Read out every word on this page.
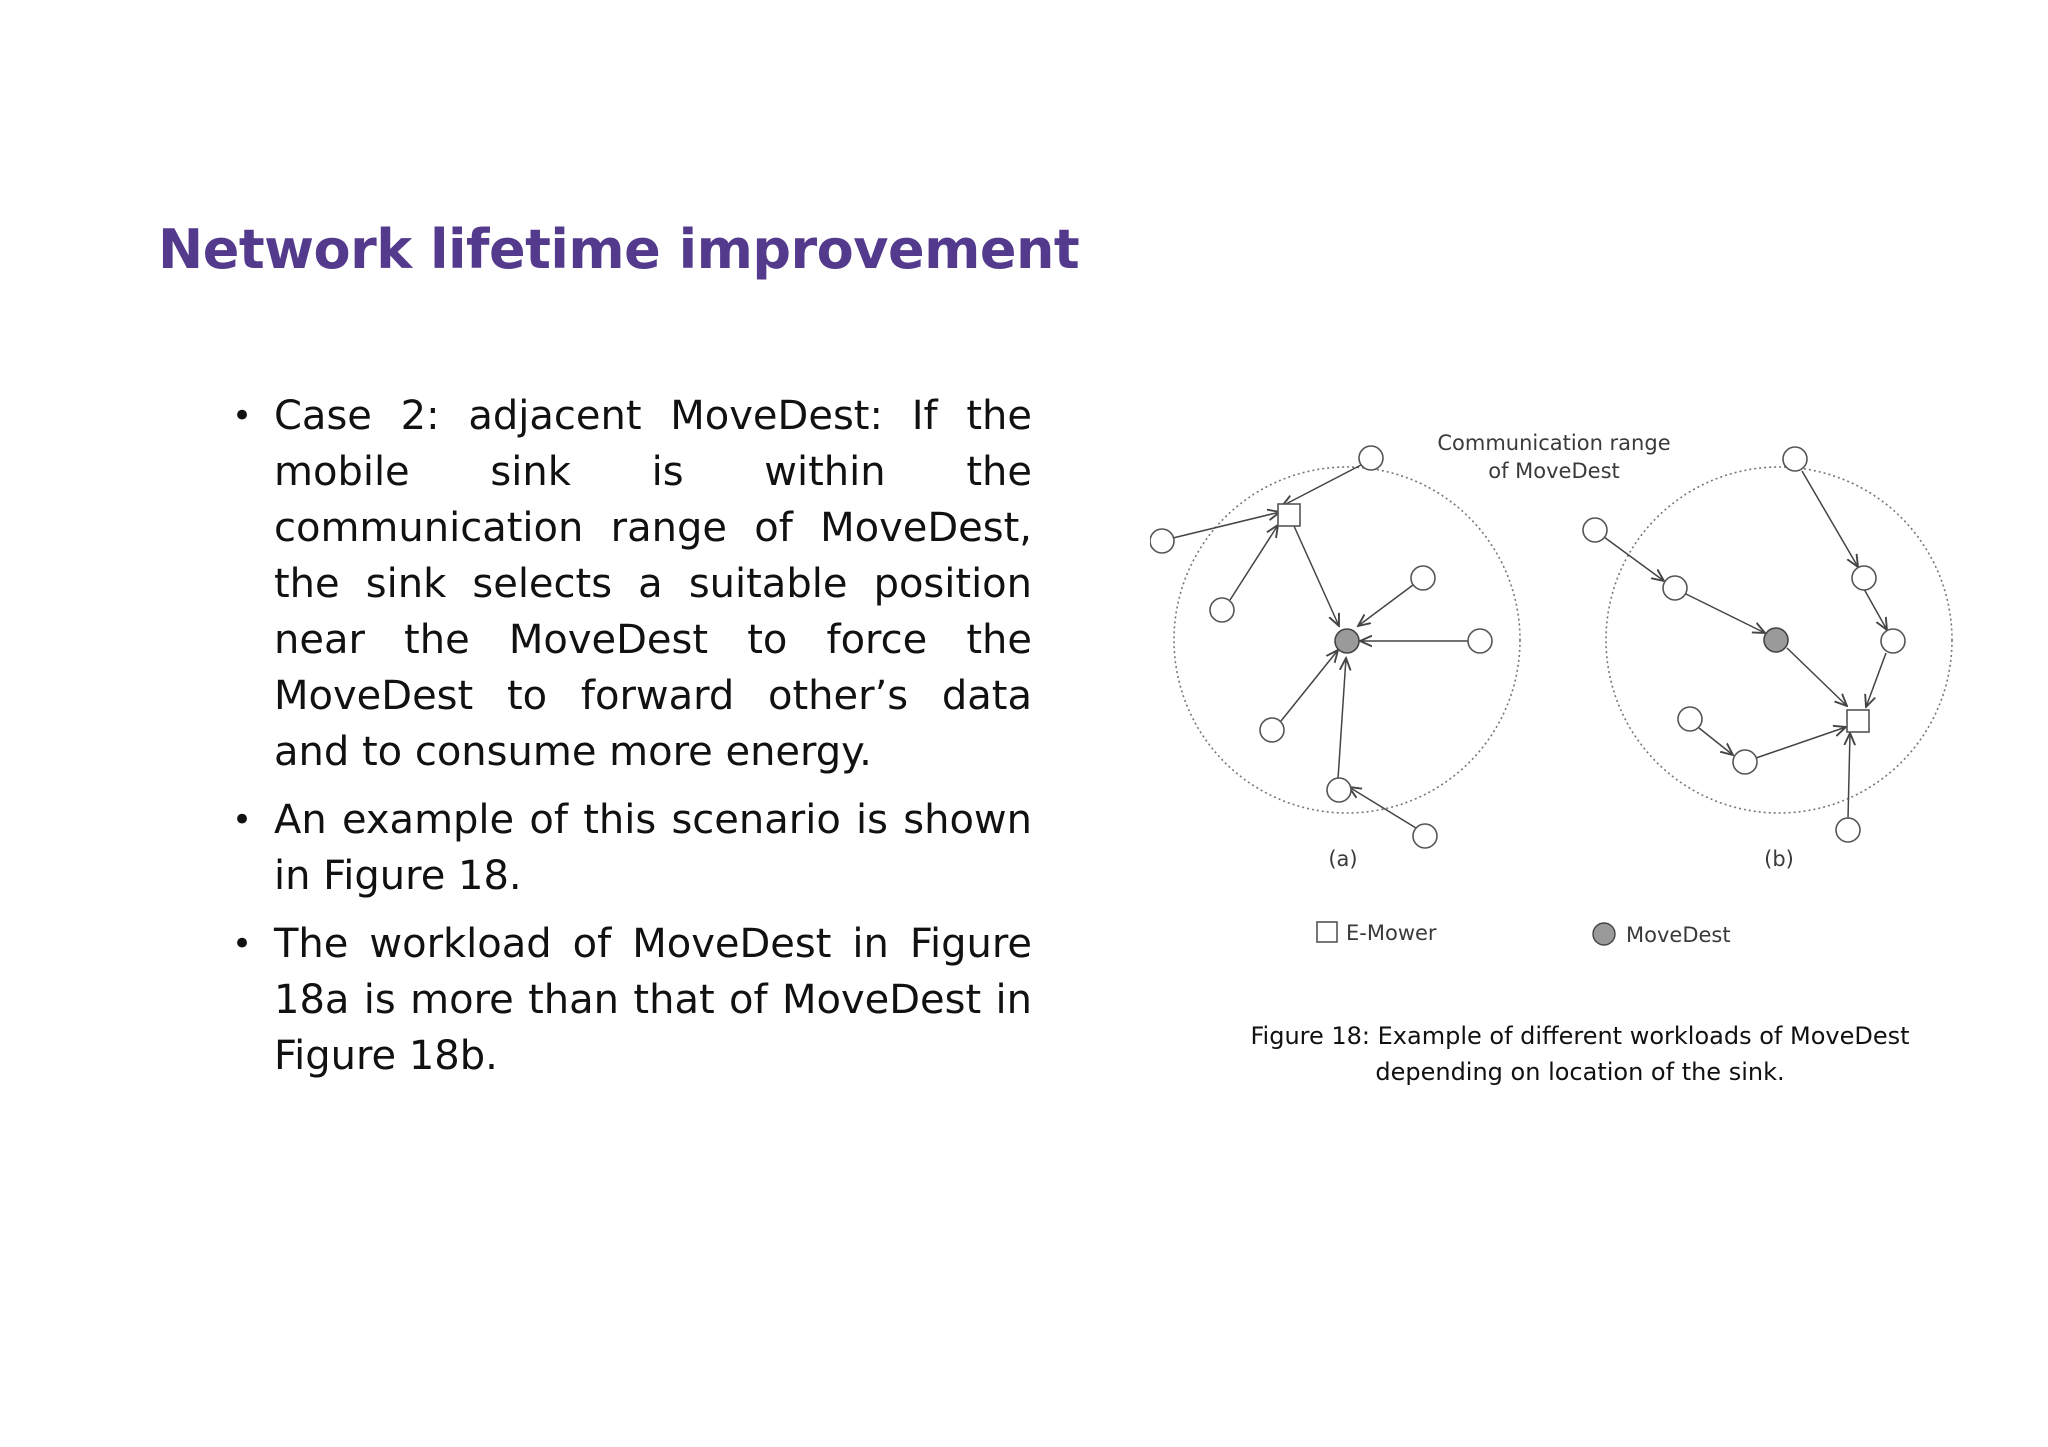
Network lifetime improvement
• Case 2: adjacent MoveDest: If the mobile sink is within the communication range of MoveDest, the sink selects a suitable position near the MoveDest to force the MoveDest to forward other’s data and to consume more energy.
• An example of this scenario is shown in Figure 18.
• The workload of MoveDest in Figure 18a is more than that of MoveDest in Figure 18b.
Communication range
of MoveDest
(a)	(b)
E-Mower	MoveDest
Figure 18: Example of different workloads of MoveDest
depending on location of the sink.
